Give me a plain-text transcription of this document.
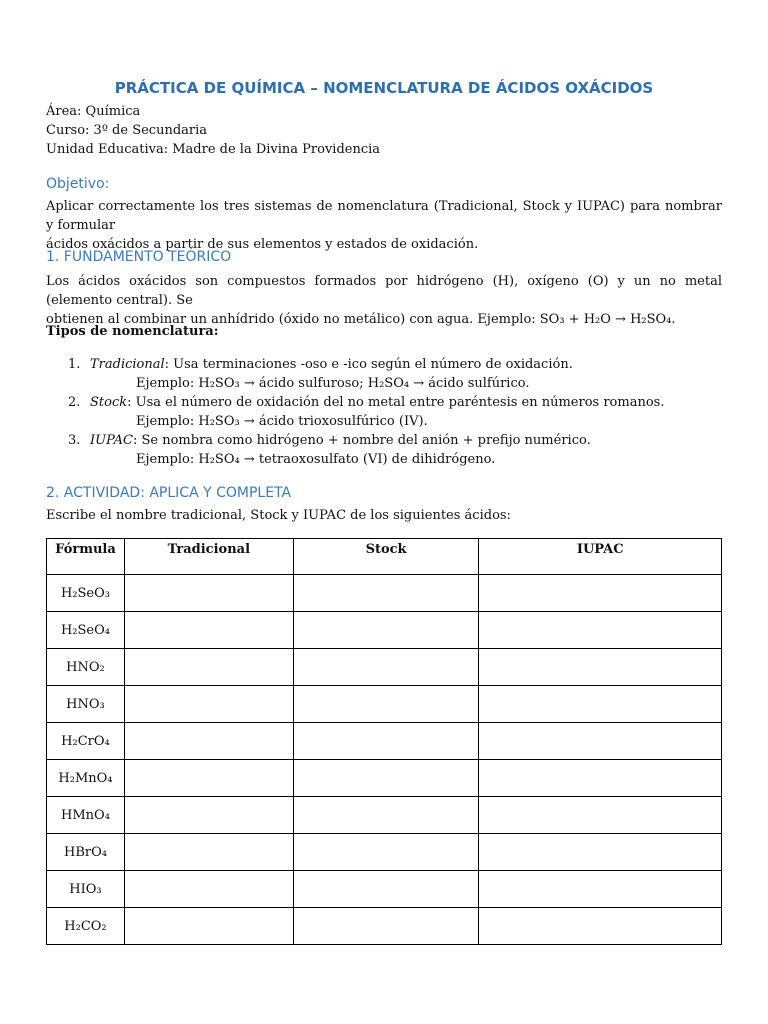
PRÁCTICA DE QUÍMICA – NOMENCLATURA DE ÁCIDOS OXÁCIDOS
Área: Química
Curso: 3º de Secundaria
Unidad Educativa: Madre de la Divina Providencia
Objetivo:
Aplicar correctamente los tres sistemas de nomenclatura (Tradicional, Stock y IUPAC) para nombrar y formular
ácidos oxácidos a partir de sus elementos y estados de oxidación.
1. FUNDAMENTO TEÓRICO
Los ácidos oxácidos son compuestos formados por hidrógeno (H), oxígeno (O) y un no metal (elemento central). Se
obtienen al combinar un anhídrido (óxido no metálico) con agua. Ejemplo: SO₃ + H₂O → H₂SO₄.
Tipos de nomenclatura:
1. Tradicional: Usa terminaciones -oso e -ico según el número de oxidación.
Ejemplo: H₂SO₃ → ácido sulfuroso; H₂SO₄ → ácido sulfúrico.
2. Stock: Usa el número de oxidación del no metal entre paréntesis en números romanos.
Ejemplo: H₂SO₃ → ácido trioxosulfúrico (IV).
3. IUPAC: Se nombra como hidrógeno + nombre del anión + prefijo numérico.
Ejemplo: H₂SO₄ → tetraoxosulfato (VI) de dihidrógeno.
2. ACTIVIDAD: APLICA Y COMPLETA
Escribe el nombre tradicional, Stock y IUPAC de los siguientes ácidos:
Fórmula	Tradicional	Stock	IUPAC
H₂SeO₃			
H₂SeO₄			
HNO₂			
HNO₃			
H₂CrO₄			
H₂MnO₄			
HMnO₄			
HBrO₄			
HIO₃			
H₂CO₂			
